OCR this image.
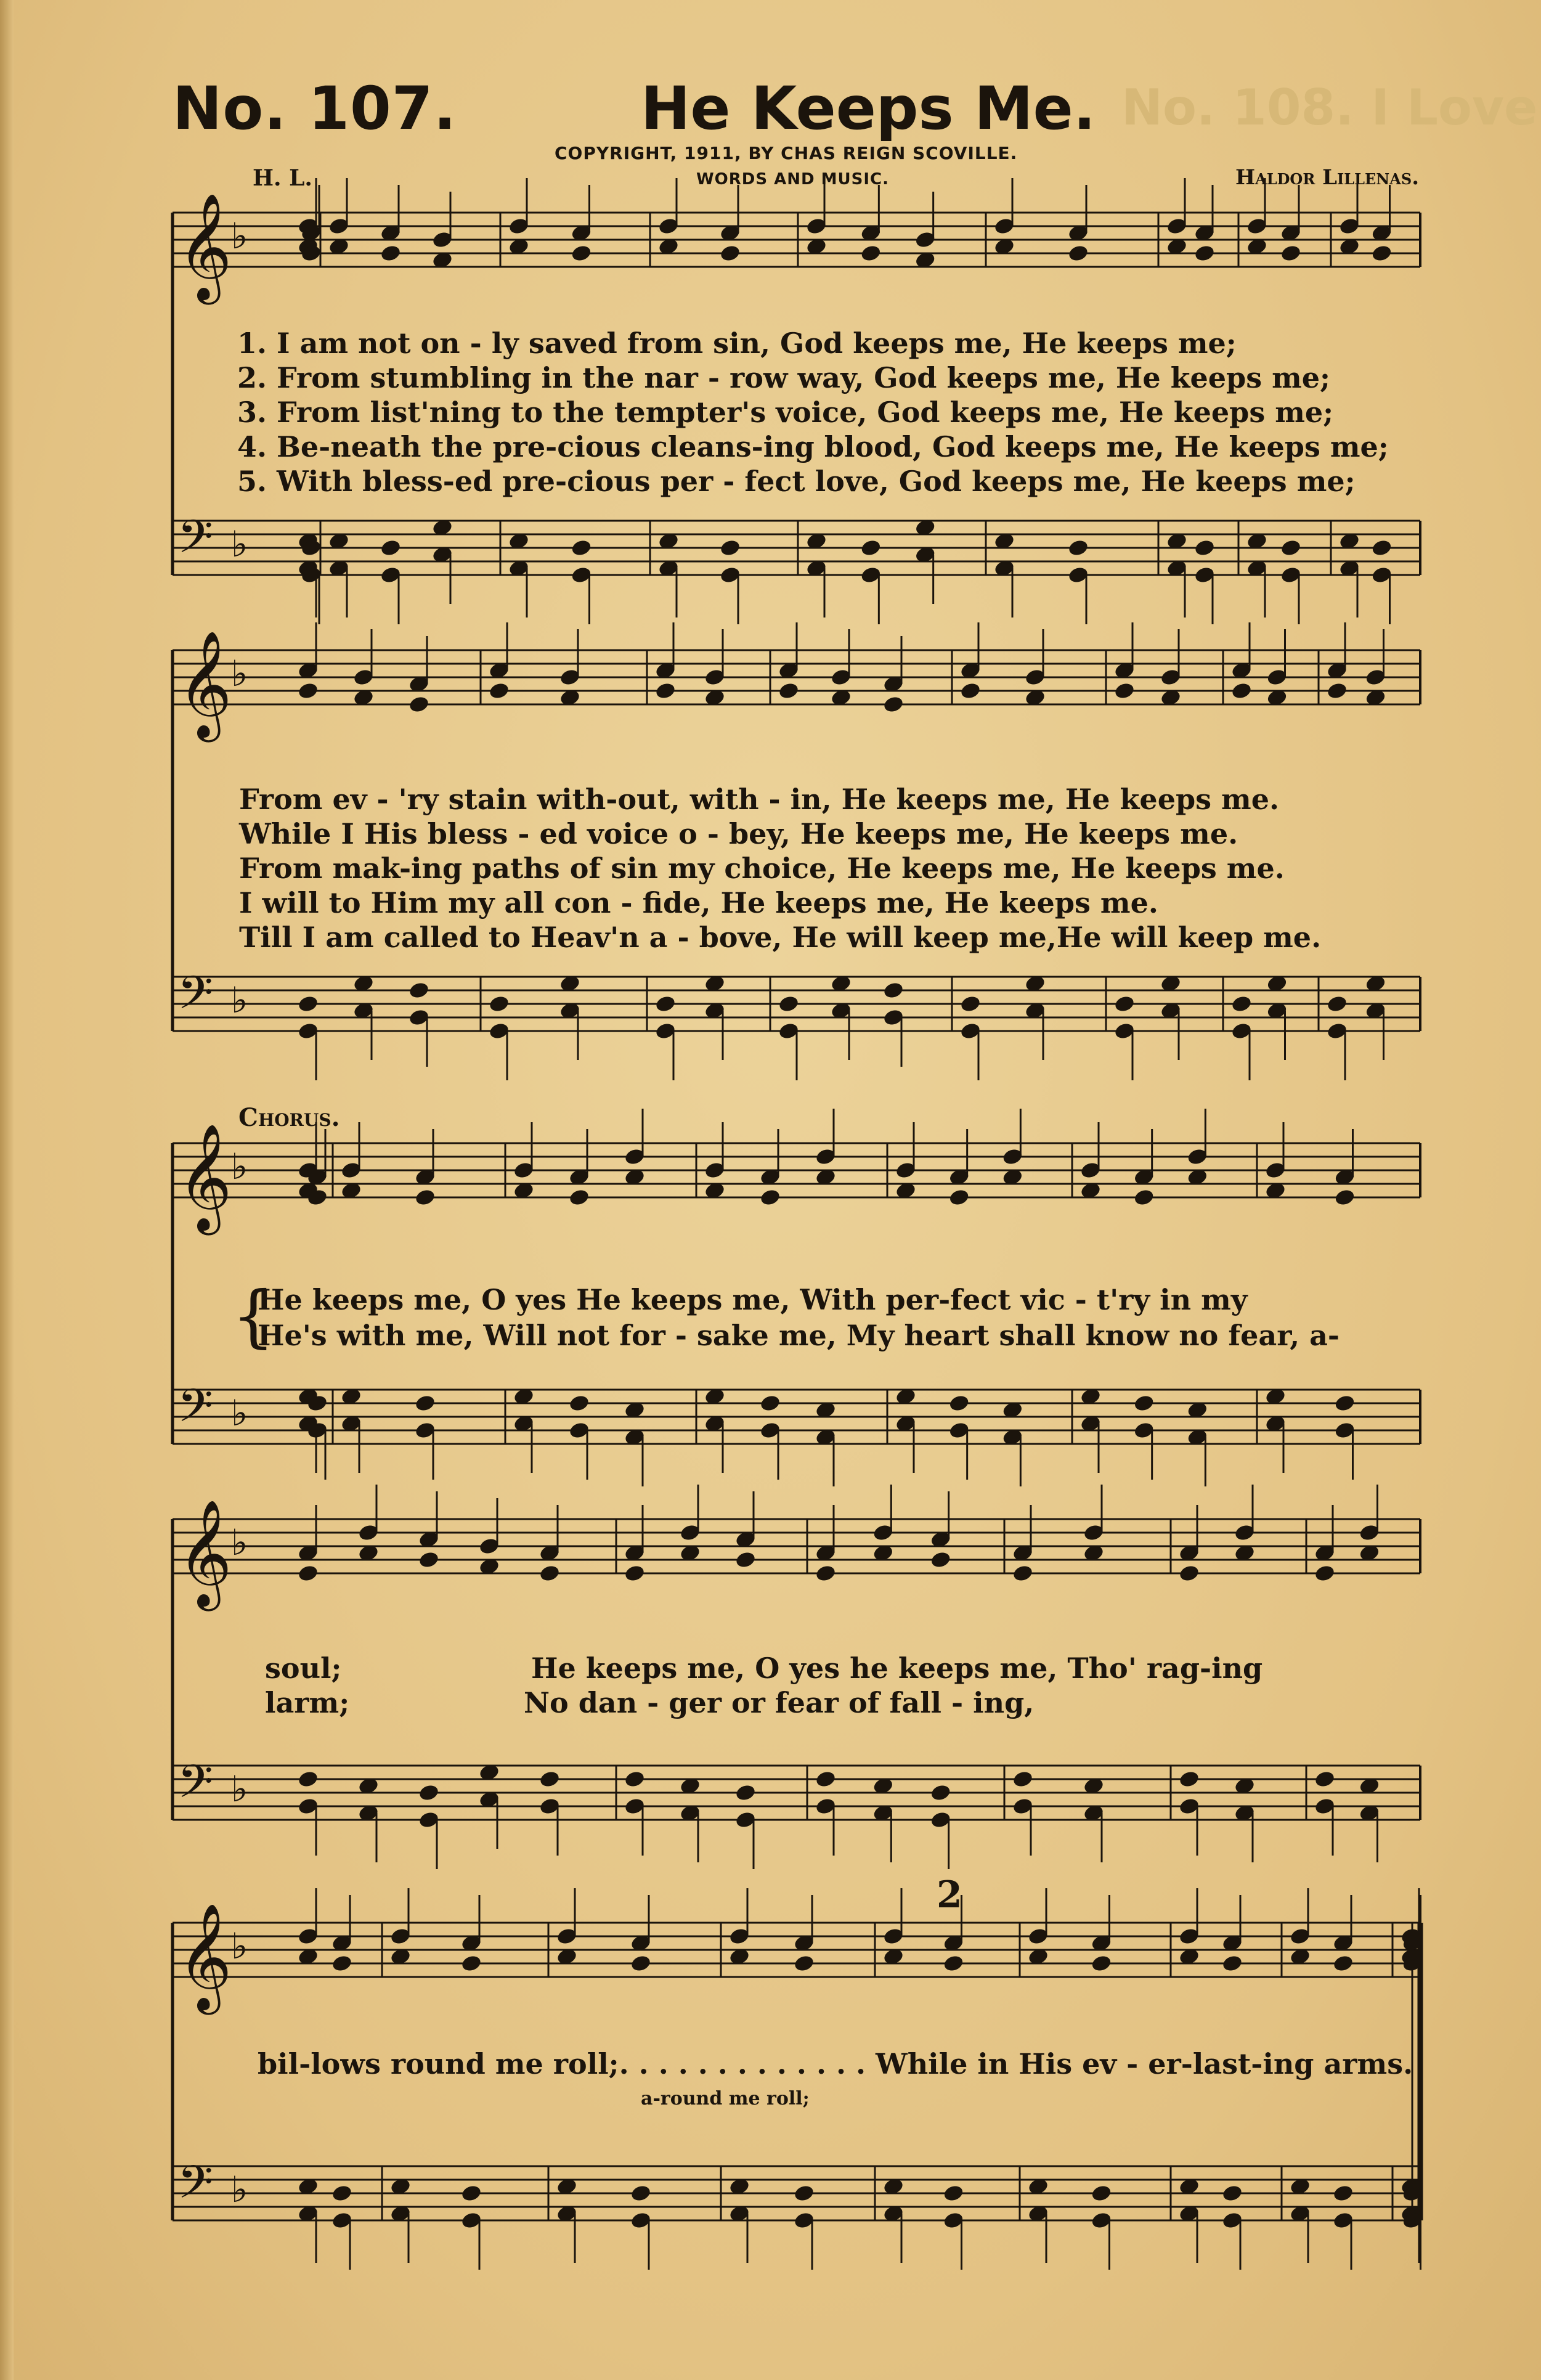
No. 108. I Love
No. 107.	He Keeps Me.
COPYRIGHT, 1911, BY CHAS REIGN SCOVILLE.
WORDS AND MUSIC.
H. L.	Haldor Lillenas.
𝄞
♭
𝄢 ♭
𝄞
♭
𝄢 ♭
𝄞
♭
𝄢 ♭
𝄞
♭
𝄢 ♭
𝄞
♭
𝄢 ♭
1. I am not on - ly saved from sin, God keeps me, He keeps me;
2. From stumbling in the nar - row way, God keeps me, He keeps me;
3. From list'ning to the tempter's voice, God keeps me, He keeps me;
4. Be-neath the pre-cious cleans-ing blood, God keeps me, He keeps me;
5. With bless-ed pre-cious per - fect love, God keeps me, He keeps me;
From ev - 'ry stain with-out, with - in, He keeps me, He keeps me.
While I His bless - ed voice o - bey, He keeps me, He keeps me.
From mak-ing paths of sin my choice, He keeps me, He keeps me.
I will to Him my all con - fide, He keeps me, He keeps me.
Till I am called to Heav'n a - bove, He will keep me,He will keep me.
Chorus.
{
He keeps me, O yes He keeps me, With per-fect vic - t'ry in my
He's with me, Will not for - sake me, My heart shall know no fear, a-
soul;
larm;
He keeps me, O yes he keeps me, Tho' rag-ing
No dan - ger or fear of fall - ing,
bil-lows round me roll;. . . . . . . . . . . . . While in His ev - er-last-ing arms.
a-round me roll;
2
